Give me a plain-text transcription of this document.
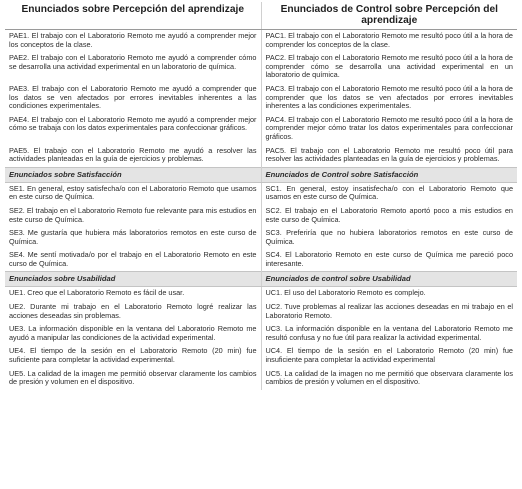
Enunciados sobre Percepción del aprendizaje	Enunciados de Control sobre Percepción del aprendizaje
PAE1. El trabajo con el Laboratorio Remoto me ayudó a comprender mejor los conceptos de la clase.	PAC1. El trabajo con el Laboratorio Remoto me resultó poco útil a la hora de comprender los conceptos de la clase.
PAE2. El trabajo con el Laboratorio Remoto me ayudó a comprender cómo se desarrolla una actividad experimental en un laboratorio de química.	PAC2. El trabajo con el Laboratorio Remoto me resultó poco útil a la hora de comprender cómo se desarrolla una actividad experimental en un laboratorio de química.
PAE3. El trabajo con el Laboratorio Remoto me ayudó a comprender que los datos se ven afectados por errores inevitables inherentes a las condiciones experimentales.	PAC3. El trabajo con el Laboratorio Remoto me resultó poco útil a la hora de comprender que los datos se ven afectados por errores inevitables inherentes a las condiciones experimentales.
PAE4. El trabajo con el Laboratorio Remoto me ayudó a comprender mejor cómo se trabaja con los datos experimentales para confeccionar gráficos.	PAC4. El trabajo con el Laboratorio Remoto me resultó poco útil a la hora de comprender mejor cómo tratar los datos experimentales para confeccionar gráficos.
PAE5. El trabajo con el Laboratorio Remoto me ayudó a resolver las actividades planteadas en la guía de ejercicios y problemas.	PAC5. El trabajo con el Laboratorio Remoto me resultó poco útil para resolver las actividades planteadas en la guía de ejercicios y problemas.
Enunciados sobre Satisfacción	Enunciados de Control sobre Satisfacción
SE1. En general, estoy satisfecha/o con el Laboratorio Remoto que usamos en este curso de Química.	SC1. En general, estoy insatisfecha/o con el Laboratorio Remoto que usamos en este curso de Química.
SE2. El trabajo en el Laboratorio Remoto fue relevante para mis estudios en este curso de Química.	SC2. El trabajo en el Laboratorio Remoto aportó poco a mis estudios en este curso de Química.
SE3. Me gustaría que hubiera más laboratorios remotos en este curso de Química.	SC3. Preferiría que no hubiera laboratorios remotos en este curso de Química.
SE4. Me sentí motivada/o por el trabajo en el Laboratorio Remoto en este curso de Química.	SC4. El Laboratorio Remoto en este curso de Química me pareció poco interesante.
Enunciados sobre Usabilidad	Enunciados de control sobre Usabilidad
UE1. Creo que el Laboratorio Remoto es fácil de usar.	UC1. El uso del Laboratorio Remoto es complejo.
UE2. Durante mi trabajo en el Laboratorio Remoto logré realizar las acciones deseadas sin problemas.	UC2. Tuve problemas al realizar las acciones deseadas en mi trabajo en el Laboratorio Remoto.
UE3. La información disponible en la ventana del Laboratorio Remoto me ayudó a manipular las condiciones de la actividad experimental.	UC3. La información disponible en la ventana del Laboratorio Remoto me resultó confusa y no fue útil para realizar la actividad experimental.
UE4. El tiempo de la sesión en el Laboratorio Remoto (20 min) fue suficiente para completar la actividad experimental.	UC4. El tiempo de la sesión en el Laboratorio Remoto (20 min) fue insuficiente para completar la actividad experimental
UE5. La calidad de la imagen me permitió observar claramente los cambios de presión y volumen en el dispositivo.	UC5. La calidad de la imagen no me permitió que observara claramente los cambios de presión y volumen en el dispositivo.
